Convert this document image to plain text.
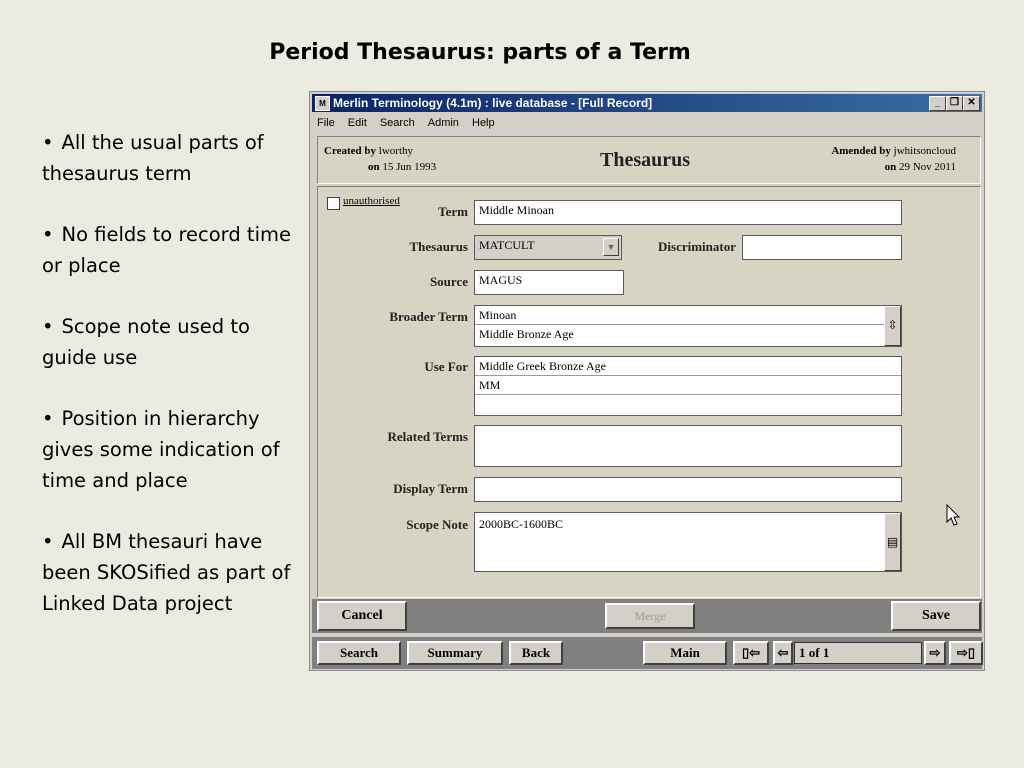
Period Thesaurus: parts of a Term
• All the usual parts of thesaurus term
• No fields to record time or place
• Scope note used to guide use
• Position in hierarchy gives some indication of time and place
• All BM thesauri have been SKOSified as part of Linked Data project
M Merlin Terminology (4.1m) : live database - [Full Record]	_ ❐ ✕
File Edit Search Admin Help
Created by lworthy
on 15 Jun 1993	Thesaurus	Amended by jwhitsoncloud
on 29 Nov 2011
unauthorised
Term Middle Minoan
Thesaurus MATCULT	▼	Discriminator
Source MAGUS
Broader Term Minoan
Middle Bronze Age
⇳
Use For Middle Greek Bronze Age
MM
Related Terms
Display Term
Scope Note 2000BC-1600BC
▤
Cancel	Merge	Save
Search	Summary	Back	Main	▯⇦	⇦ 1 of 1	⇨	⇨▯
